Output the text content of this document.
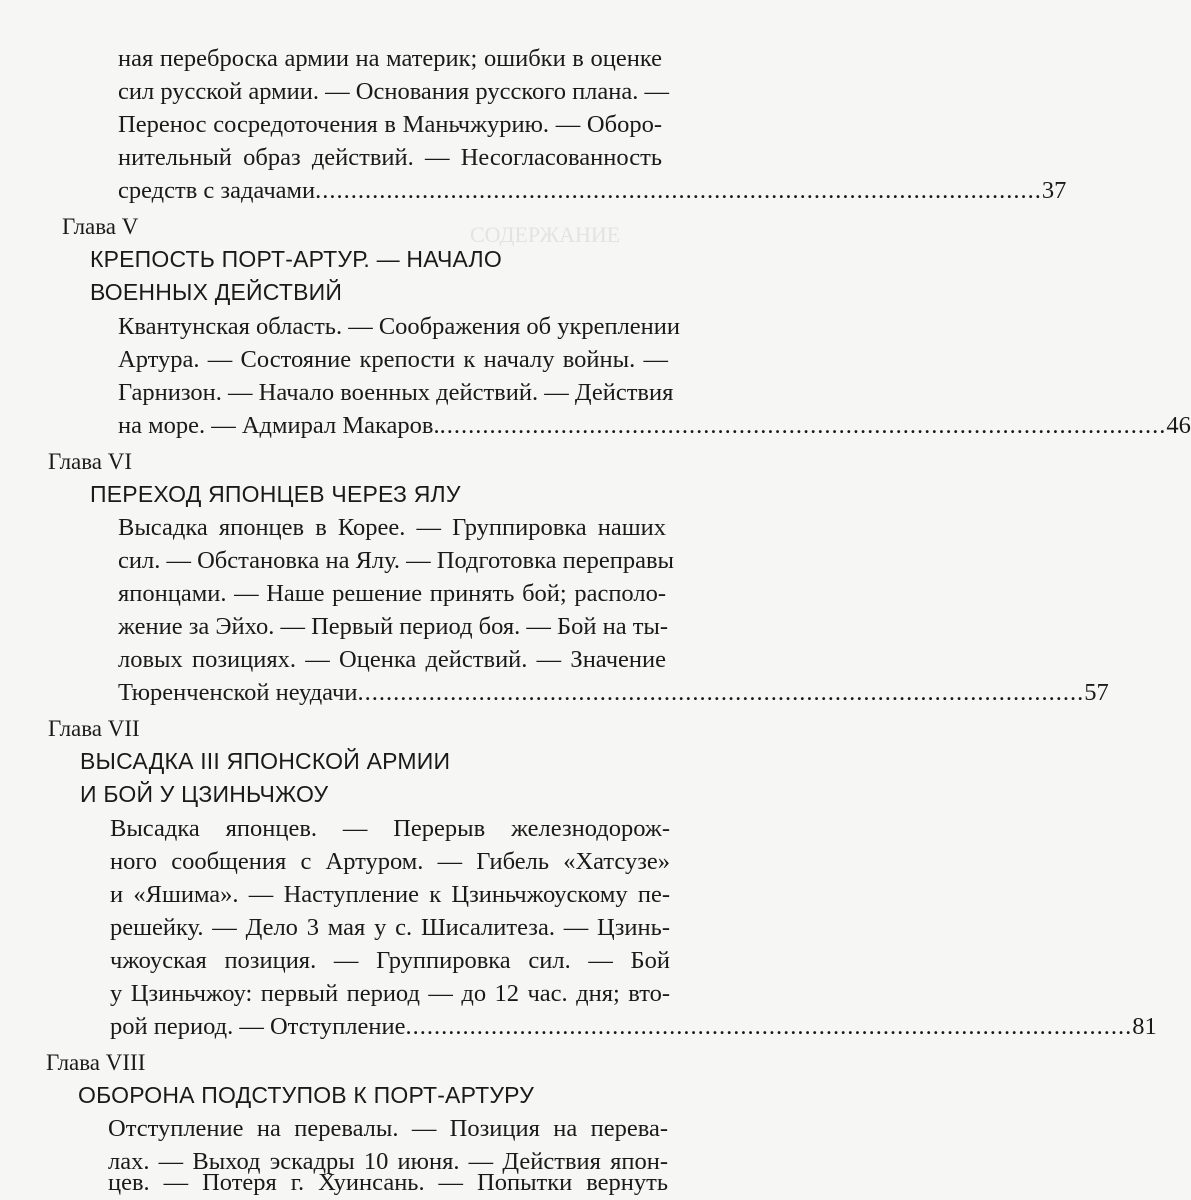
СОДЕРЖАНИЕ
ная переброска армии на материк; ошибки в оценке
сил русской армии. — Основания русского плана. —
Перенос сосредоточения в Маньчжурию. — Оборо-
нительный образ действий. — Несогласованность
средств с задачами ...................................................................................................... 37
Глава V
КРЕПОСТЬ ПОРТ-АРТУР. — НАЧАЛО
ВОЕННЫХ ДЕЙСТВИЙ
Квантунская область. — Соображения об укреплении
Артура. — Состояние крепости к началу войны. —
Гарнизон. — Начало военных действий. — Действия
на море. — Адмирал Макаров. ...................................................................................................... 46
Глава VI
ПЕРЕХОД ЯПОНЦЕВ ЧЕРЕЗ ЯЛУ
Высадка японцев в Корее. — Группировка наших
сил. — Обстановка на Ялу. — Подготовка переправы
японцами. — Наше решение принять бой; располо-
жение за Эйхо. — Первый период боя. — Бой на ты-
ловых позициях. — Оценка действий. — Значение
Тюренченской неудачи ...................................................................................................... 57
Глава VII
ВЫСАДКА III ЯПОНСКОЙ АРМИИ
И БОЙ У ЦЗИНЬЧЖОУ
Высадка японцев. — Перерыв железнодорож-
ного сообщения с Артуром. — Гибель «Хатсузе»
и «Яшима». — Наступление к Цзиньчжоускому пе-
решейку. — Дело 3 мая у с. Шисалитеза. — Цзинь-
чжоуская позиция. — Группировка сил. — Бой
у Цзиньчжоу: первый период — до 12 час. дня; вто-
рой период. — Отступление ...................................................................................................... 81
Глава VIII
ОБОРОНА ПОДСТУПОВ К ПОРТ-АРТУРУ
Отступление на перевалы. — Позиция на перева-
лах. — Выход эскадры 10 июня. — Действия япон-
цев. — Потеря г. Хуинсань. — Попытки вернуть
